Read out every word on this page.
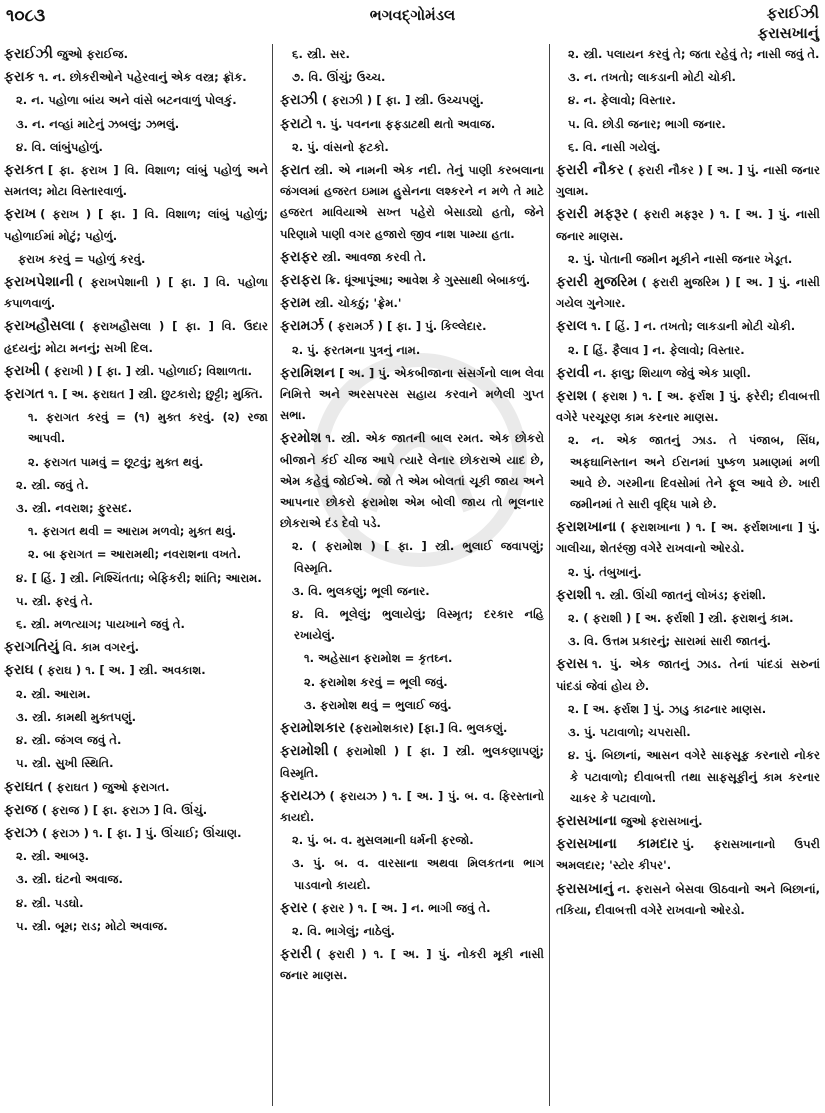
૧૦૮૩	ભગવદ્ગોમંડલ	ફરાઈઝી
ફરાસખાનું
ફરાઈઝી જુઓ ફરાઈજ.
ફરાક ૧. ન. છોકરીઓને પહેરવાનું એક વસ્ત્ર; ફ્રૉક.
૨. ન. પહોળા બાંય અને વાંસે બટનવાળું પોલકું.
૩. ન. નવ્હાં માટેનું ઝબલું; ઝભલું.
૪. વિ. લાંબુંપહોળું.
ફરાકત [ ફા. ફરાખ ] વિ. વિશાળ; લાંબું પહોળું અને સમતલ; મોટા વિસ્તારવાળું.
ફરાખ ( ફરાખ ) [ ફા. ] વિ. વિશાળ; લાંબું પહોળું; પહોળાઈમાં મોટું; પહોળું.
ફરાખ કરવું = પહોળું કરવું.
ફરાખપેશાની ( ફરાખપેશાની ) [ ફા. ] વિ. પહોળા કપાળવાળું.
ફરાખહૌસલા ( ફરાખહૌસલા ) [ ફા. ] વિ. ઉદાર હૃદયનું; મોટા મનનું; સખી દિલ.
ફરાખી ( ફરાખી ) [ ફા. ] સ્ત્રી. પહોળાઈ; વિશાળતા.
ફરાગત ૧. [ અ. ફરાઘત ] સ્ત્રી. છુટકારો; છુટ્ટી; મુક્તિ.
૧. ફરાગત કરવું = (૧) મુક્ત કરવું. (૨) રજા આપવી.
૨. ફરાગત પામવું = છૂટવું; મુક્ત થવું.
૨. સ્ત્રી. જવું તે.
૩. સ્ત્રી. નવરાશ; ફુરસદ.
૧. ફરાગત થવી = આરામ મળવો; મુક્ત થવું.
૨. બા ફરાગત = આરામથી; નવરાશના વખતે.
૪. [ હિં. ] સ્ત્રી. નિશ્ચિંતતા; બેફિકરી; શાંતિ; આરામ.
૫. સ્ત્રી. ફરવું તે.
૬. સ્ત્રી. મળત્યાગ; પાયખાને જવું તે.
ફરાગતિયું વિ. કામ વગરનું.
ફરાઘ ( ફરાઘ ) ૧. [ અ. ] સ્ત્રી. અવકાશ.
૨. સ્ત્રી. આરામ.
૩. સ્ત્રી. કામથી મુક્તપણું.
૪. સ્ત્રી. જંગલ જવું તે.
૫. સ્ત્રી. સુખી સ્થિતિ.
ફરાઘત ( ફરાઘત ) જુઓ ફરાગત.
ફરાજ ( ફરાજ ) [ ફા. ફરાઝ ] વિ. ઊંચું.
ફરાઝ ( ફરાઝ ) ૧. [ ફા. ] પું. ઊંચાઈ; ઊંચાણ.
૨. સ્ત્રી. આબરૂ.
૩. સ્ત્રી. ઘંટનો અવાજ.
૪. સ્ત્રી. પડઘો.
૫. સ્ત્રી. બૂમ; રાડ; મોટો અવાજ.
૬. સ્ત્રી. સર.
૭. વિ. ઊંચું; ઉચ્ચ.
ફરાઝી ( ફરાઝી ) [ ફા. ] સ્ત્રી. ઉચ્ચપણું.
ફરાટો ૧. પું. પવનના ફફડાટથી થતો અવાજ.
૨. પું. વાંસનો ફટકો.
ફરાત સ્ત્રી. એ નામની એક નદી. તેનું પાણી કરબલાના જંગલમાં હજરત ઇમામ હુસેનના લશ્કરને ન મળે તે માટે હજરત માવિયાએ સખ્ત પહેરો બેસાડ્યો હતો, જેને પરિણામે પાણી વગર હજારો જીવ નાશ પામ્યા હતા.
ફરાફર સ્ત્રી. આવજા કરવી તે.
ફરાફરા ક્રિ. ધૂંઆપૂંઆ; આવેશ કે ગુસ્સાથી બેબાકળું.
ફરામ સ્ત્રી. ચોકઠું; 'ફ્રેમ.'
ફરામર્ઝ ( ફરામર્ઝ ) [ ફા. ] પું. કિલ્લેદાર.
૨. પું. ફરતમના પુત્રનું નામ.
ફરામિશન [ અ. ] પું. એકબીજાના સંસર્ગનો લાભ લેવા નિમિત્તે અને અરસપરસ સહાય કરવાને મળેલી ગુપ્ત સભા.
ફરમોશ ૧. સ્ત્રી. એક જાતની બાલ રમત. એક છોકરો બીજાને કંઈ ચીજ આપે ત્યારે લેનાર છોકરાએ યાદ છે, એમ કહેવું જોઈએ. જો તે એમ બોલતાં ચૂકી જાય અને આપનાર છોકરો ફરામોશ એમ બોલી જાય તો ભૂલનાર છોકરાએ દંડ દેવો પડે.
૨. ( ફરામોશ ) [ ફા. ] સ્ત્રી. ભુલાઈ જવાપણું; વિસ્મૃતિ.
૩. વિ. ભુલકણું; ભૂલી જનાર.
૪. વિ. ભૂલેલું; ભુલાયેલું; વિસ્મૃત; દરકાર નહિ રખાયેલું.
૧. અહેસાન ફરામોશ = કૃતઘ્ન.
૨. ફરામોશ કરવું = ભૂલી જવું.
૩. ફરામોશ થવું = ભુલાઈ જવું.
ફરામોશકાર (ફરામોશકાર) [ફા.] વિ. ભુલકણું.
ફરામોશી ( ફરામોશી ) [ ફા. ] સ્ત્રી. ભુલકણાપણું; વિસ્મૃતિ.
ફરાયઝ ( ફરાયઝ ) ૧. [ અ. ] પું. બ. વ. ફિરસ્તાનો કાયદો.
૨. પું. બ. વ. મુસલમાની ધર્મની ફરજો.
૩. પું. બ. વ. વારસાના અથવા મિલકતના ભાગ પાડવાનો કાયદો.
ફરાર ( ફરાર ) ૧. [ અ. ] ન. ભાગી જવું તે.
૨. વિ. ભાગેલું; નાઠેલું.
ફરારી ( ફરારી ) ૧. [ અ. ] પું. નોકરી મૂકી નાસી જનાર માણસ.
૨. સ્ત્રી. પલાયન કરવું તે; જતા રહેવું તે; નાસી જવું તે.
૩. ન. તખતો; લાકડાની મોટી ચોકી.
૪. ન. ફેલાવો; વિસ્તાર.
૫. વિ. છોડી જનાર; ભાગી જનાર.
૬. વિ. નાસી ગયેલું.
ફરારી નૌકર ( ફરારી નૌકર ) [ અ. ] પું. નાસી જનાર ગુલામ.
ફરારી મફરૂર ( ફરારી મફરૂર ) ૧. [ અ. ] પું. નાસી જનાર માણસ.
૨. પું. પોતાની જમીન મૂકીને નાસી જનાર ખેડૂત.
ફરારી મુજરિમ ( ફરારી મુજરિમ ) [ અ. ] પું. નાસી ગયેલ ગુનેગાર.
ફરાલ ૧. [ હિં. ] ન. તખતો; લાકડાની મોટી ચોકી.
૨. [ હિં. ફૈલાવ ] ન. ફેલાવો; વિસ્તાર.
ફરાવી ન. ફાલુ; શિયાળ જેવું એક પ્રાણી.
ફરાશ ( ફરાશ ) ૧. [ અ. ફર્રાશ ] પું. ફરેરી; દીવાબત્તી વગેરે પરચૂરણ કામ કરનાર માણસ.
૨. ન. એક જાતનું ઝાડ. તે પંજાબ, સિંધ, અફઘાનિસ્તાન અને ઈરાનમાં પુષ્કળ પ્રમાણમાં મળી આવે છે. ગરમીના દિવસોમાં તેને ફૂલ આવે છે. ખારી જમીનમાં તે સારી વૃદ્ધિ પામે છે.
ફરાશખાના ( ફરાશખાના ) ૧. [ અ. ફર્રાશખાના ] પું. ગાલીચા, શેતરંજી વગેરે રાખવાનો ઓરડો.
૨. પું. તંબુખાનું.
ફરાશી ૧. સ્ત્રી. ઊંચી જાતનું લોખંડ; ફરાંશી.
૨. ( ફરાશી ) [ અ. ફર્રાશી ] સ્ત્રી. ફરાશનું કામ.
૩. વિ. ઉત્તમ પ્રકારનું; સારામાં સારી જાતનું.
ફરાસ ૧. પું. એક જાતનું ઝાડ. તેનાં પાંદડાં સરુનાં પાંદડાં જેવાં હોય છે.
૨. [ અ. ફર્રાશ ] પું. ઝાડુ કાઢનાર માણસ.
૩. પું. પટાવાળો; ચપરાસી.
૪. પું. બિછાનાં, આસન વગેરે સાફસૂફ કરનારો નોકર કે પટાવાળો; દીવાબત્તી તથા સાફસૂફીનું કામ કરનાર ચાકર કે પટાવાળો.
ફરાસખાના જુઓ ફરાસખાનું.
ફરાસખાના કામદાર પું. ફરાસખાનાનો ઉપરી અમલદાર; 'સ્ટોર કીપર'.
ફરાસખાનું ન. ફરાસને બેસવા ઊઠવાનો અને બિછાનાં, તકિયા, દીવાબત્તી વગેરે રાખવાનો ઓરડો.
